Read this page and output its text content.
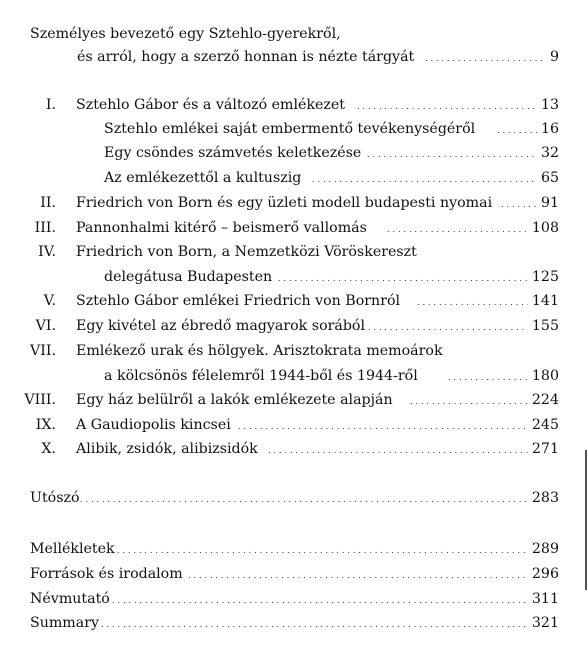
Személyes bevezető egy Sztehlo-gyerekről,
és arról, hogy a szerző honnan is nézte tárgyát . . .	9
I. Sztehlo Gábor és a változó emlékezet . . .	13
Sztehlo emlékei saját embermentő tevékenységéről . . .	16
Egy csöndes számvetés keletkezése . . .	32
Az emlékezettől a kultuszig . . .	65
II. Friedrich von Born és egy üzleti modell budapesti nyomai . . .	91
III. Pannonhalmi kitérő – beismerő vallomás . . .	108
IV. Friedrich von Born, a Nemzetközi Vöröskereszt
delegátusa Budapesten . . .	125
V. Sztehlo Gábor emlékei Friedrich von Bornról . . .	141
VI. Egy kivétel az ébredő magyarok sorából . . .	155
VII. Emlékező urak és hölgyek. Arisztokrata memoárok
a kölcsönös félelemről 1944-ből és 1944-ről . . .	180
VIII. Egy ház belülről a lakók emlékezete alapján . . .	224
IX. A Gaudiopolis kincsei . . .	245
X. Alibik, zsidók, alibizsidók . . .	271
Utószó . . .	283
Mellékletek . . .	289
Források és irodalom . . .	296
Névmutató . . .	311
Summary . . .	321
